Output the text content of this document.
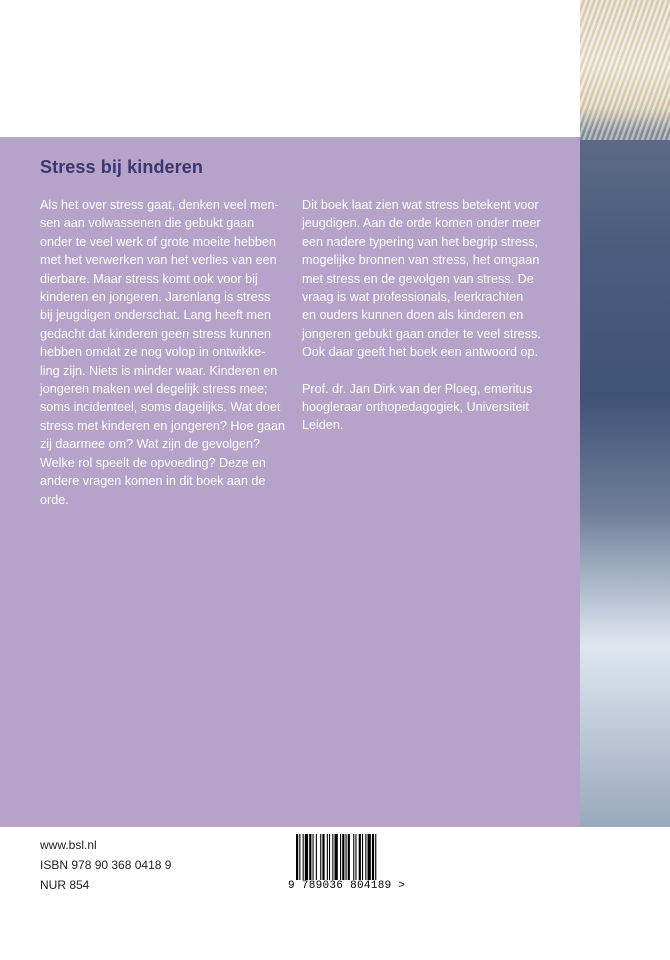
Stress bij kinderen
Als het over stress gaat, denken veel men-
sen aan volwassenen die gebukt gaan
onder te veel werk of grote moeite hebben
met het verwerken van het verlies van een
dierbare. Maar stress komt ook voor bij
kinderen en jongeren. Jarenlang is stress
bij jeugdigen onderschat. Lang heeft men
gedacht dat kinderen geen stress kunnen
hebben omdat ze nog volop in ontwikke-
ling zijn. Niets is minder waar. Kinderen en
jongeren maken wel degelijk stress mee;
soms incidenteel, soms dagelijks. Wat doet
stress met kinderen en jongeren? Hoe gaan
zij daarmee om? Wat zijn de gevolgen?
Welke rol speelt de opvoeding? Deze en
andere vragen komen in dit boek aan de
orde.
Dit boek laat zien wat stress betekent voor
jeugdigen. Aan de orde komen onder meer
een nadere typering van het begrip stress,
mogelijke bronnen van stress, het omgaan
met stress en de gevolgen van stress. De
vraag is wat professionals, leerkrachten
en ouders kunnen doen als kinderen en
jongeren gebukt gaan onder te veel stress.
Ook daar geeft het boek een antwoord op.
Prof. dr. Jan Dirk van der Ploeg, emeritus
hoogleraar orthopedagogiek, Universiteit
Leiden.
www.bsl.nl
ISBN 978 90 368 0418 9
NUR 854	9 789036 804189 >
